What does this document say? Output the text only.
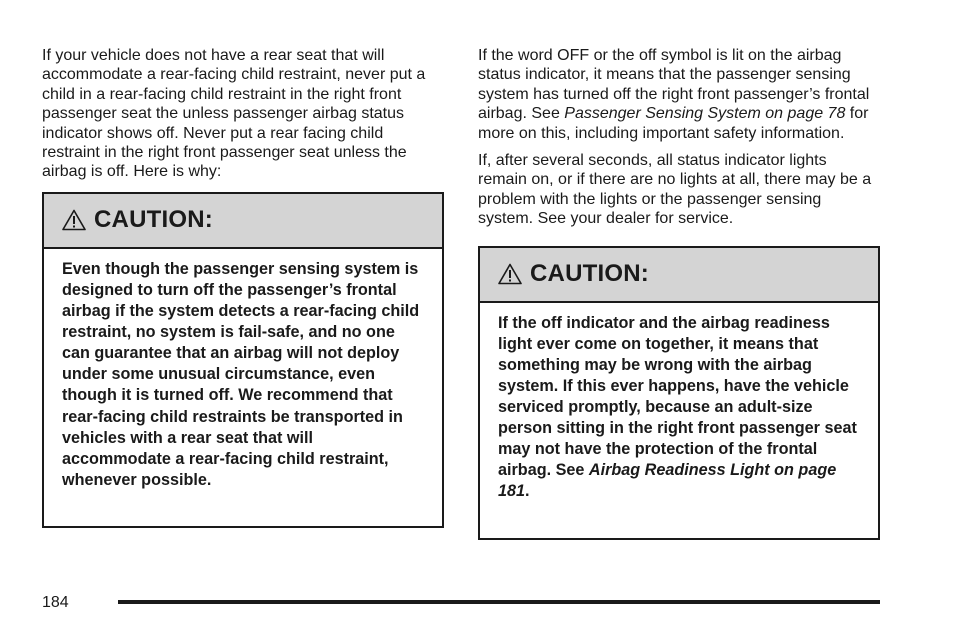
If your vehicle does not have a rear seat that will accommodate a rear-facing child restraint, never put a child in a rear-facing child restraint in the right front passenger seat the unless passenger airbag status indicator shows off. Never put a rear facing child restraint in the right front passenger seat unless the airbag is off. Here is why:

CAUTION:
Even though the passenger sensing system is designed to turn off the passenger’s frontal airbag if the system detects a rear-facing child restraint, no system is fail-safe, and no one can guarantee that an airbag will not deploy under some unusual circumstance, even though it is turned off. We recommend that rear-facing child restraints be transported in vehicles with a rear seat that will accommodate a rear-facing child restraint, whenever possible.

If the word OFF or the off symbol is lit on the airbag status indicator, it means that the passenger sensing system has turned off the right front passenger’s frontal airbag. See Passenger Sensing System on page 78 for more on this, including important safety information.

If, after several seconds, all status indicator lights remain on, or if there are no lights at all, there may be a problem with the lights or the passenger sensing system. See your dealer for service.

CAUTION:
If the off indicator and the airbag readiness light ever come on together, it means that something may be wrong with the airbag system. If this ever happens, have the vehicle serviced promptly, because an adult-size person sitting in the right front passenger seat may not have the protection of the frontal airbag. See Airbag Readiness Light on page 181.
184
